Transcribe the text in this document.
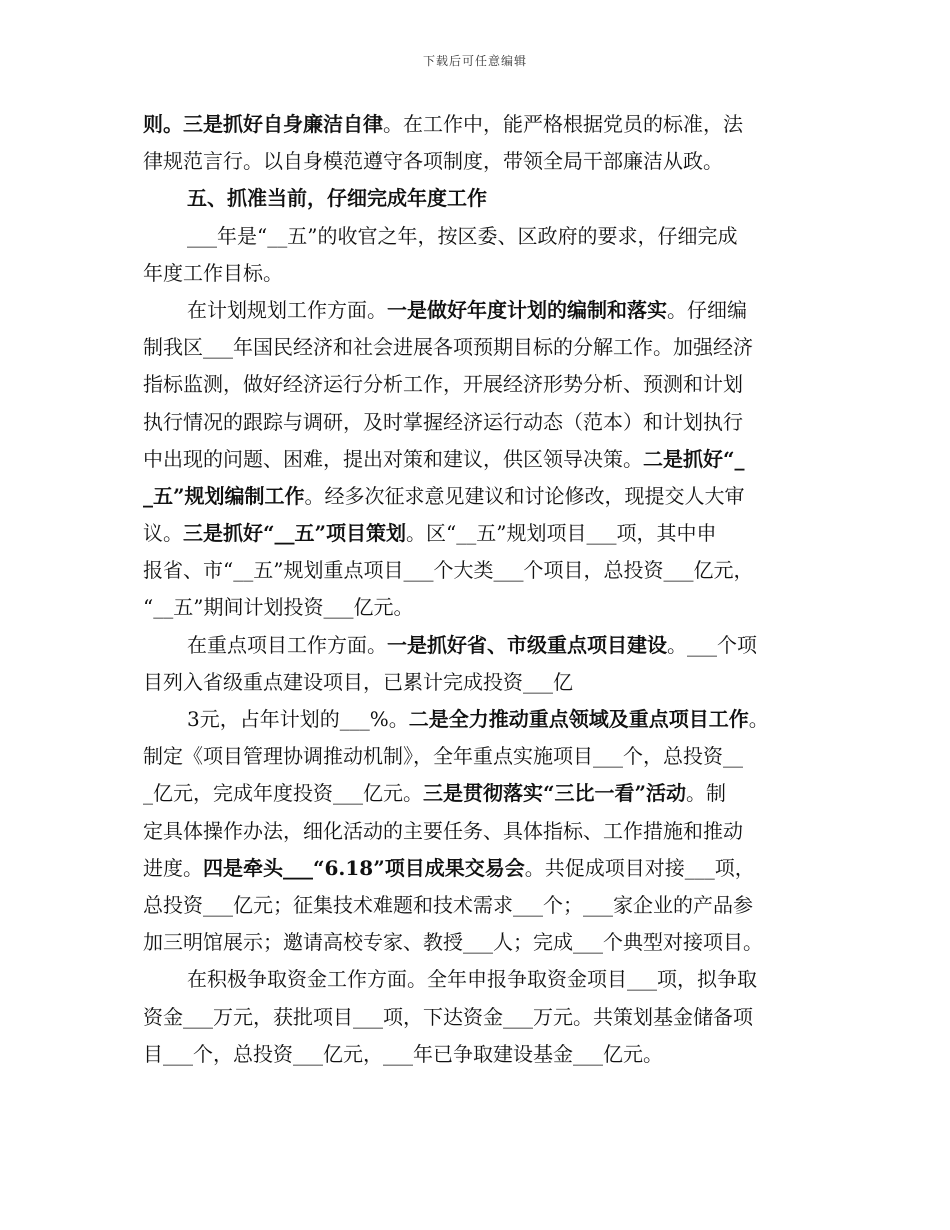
下载后可任意编辑
则。三是抓好自身廉洁自律。在工作中，能严格根据党员的标准，法
律规范言行。以自身模范遵守各项制度，带领全局干部廉洁从政。
五、抓准当前，仔细完成年度工作
___年是“__五”的收官之年，按区委、区政府的要求，仔细完成
年度工作目标。
在计划规划工作方面。一是做好年度计划的编制和落实。仔细编
制我区___年国民经济和社会进展各项预期目标的分解工作。加强经济
指标监测，做好经济运行分析工作，开展经济形势分析、预测和计划
执行情况的跟踪与调研，及时掌握经济运行动态（范本）和计划执行
中出现的问题、困难，提出对策和建议，供区领导决策。二是抓好“_
_五”规划编制工作。经多次征求意见建议和讨论修改，现提交人大审
议。三是抓好“__五”项目策划。区“__五”规划项目___项，其中申
报省、市“__五”规划重点项目___个大类___个项目，总投资___亿元，
“__五”期间计划投资___亿元。
在重点项目工作方面。一是抓好省、市级重点项目建设。___个项
目列入省级重点建设项目，已累计完成投资___亿
3元，占年计划的___%。二是全力推动重点领域及重点项目工作。
制定《项目管理协调推动机制》，全年重点实施项目___个，总投资__
_亿元，完成年度投资___亿元。三是贯彻落实“三比一看”活动。制
定具体操作办法，细化活动的主要任务、具体指标、工作措施和推动
进度。四是牵头___“6.18”项目成果交易会。共促成项目对接___项，
总投资___亿元；征集技术难题和技术需求___个；___家企业的产品参
加三明馆展示；邀请高校专家、教授___人；完成___个典型对接项目。
在积极争取资金工作方面。全年申报争取资金项目___项，拟争取
资金___万元，获批项目___项，下达资金___万元。共策划基金储备项
目___个，总投资___亿元，___年已争取建设基金___亿元。
